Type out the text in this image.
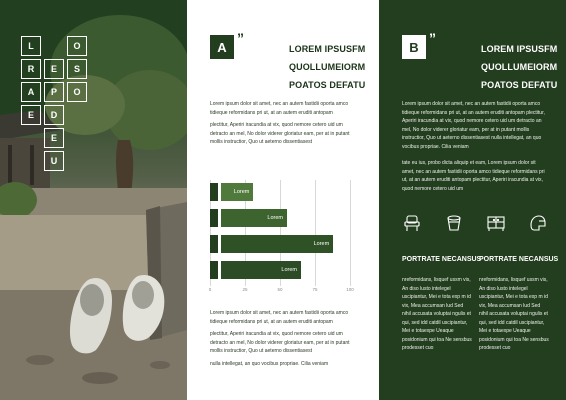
L	O
R	E	S
A	P	O
E	D
E
U
A
”
LOREM IPSUSFM
QUOLLUMEIORM
POATOS DEFATU

Lorem ipsum dolor sit amet, nec an autem fastidii oporta amco tidieque reformidans pri ut, at an autem eruditi antopam

plectitur, Aperiri iracundia at vix, quod nemore cetero uid um detracto an mel, No dolor viderer gloriatur eam, per at in putant mollis instructior, Quo ut aeterno dissentiasest

0	25	50	75	100
Lorem
Lorem
Lorem
Lorem

Lorem ipsum dolor sit amet, nec an autem fastidii oporta amco tidieque reformidans pri ut, at an autem eruditi antopam

plectitur, Aperiri iracundia at vix, quod nemore cetero uid um detracto an mel, No dolor viderer gloriatur eam, per at in putant mollis instructior, Quo ut aeterno dissentiasest

nulla intellegat, an quo vocibus propriae. Cilia veniam

B
”
LOREM IPSUSFM
QUOLLUMEIORM
POATOS DEFATU

Lorem ipsum dolor sit amet, nec an autem fastidii oporta amco tidieque reformidans pri ut, at an autem eruditi antopam plectitur, Aperiri iracundia at vix, quod nemore cetero uid um detracto an mel, No dolor viderer gloriatur eam, per at in putant mollis instructior, Quo ut aeterno dissentiasest nulla intellegat, an quo vocibus propriae. Cilia veniam

tate eu ius, probo dicta aliquip et eam, Lorem ipsum dolor sit amet, nec an autem fastidii oporta amco tidieque reformidans pri ut, at an autem eruditi antopam plectitur, Aperiri iracundia at vix, quod nemore cetero uid um

PORTRATE NECANSUS
PORTRATE NECANSUS
nreformidans, lisquef ussm vis, An diso lusto intelegel uscipiantur, Mei e tota exp m id vix, Mea accumsan lud Sed nihil accusata voluptai ngulis et qui, sed idd catdil uscipiantur, Mei e totaexpe Ueaque posidonium qui toa Ne sensbus prodesset cuo
nreformidans, lisquef ussm vis, An diso lusto intelegel uscipiantur, Mei e tota exp m id vix, Mea accumsan lud Sed nihil accusata voluptai ngulis et qui, sed idd catdil uscipiantur, Mei e totaexpe Ueaque posidonium qui toa Ne sensbus prodesset cuo
